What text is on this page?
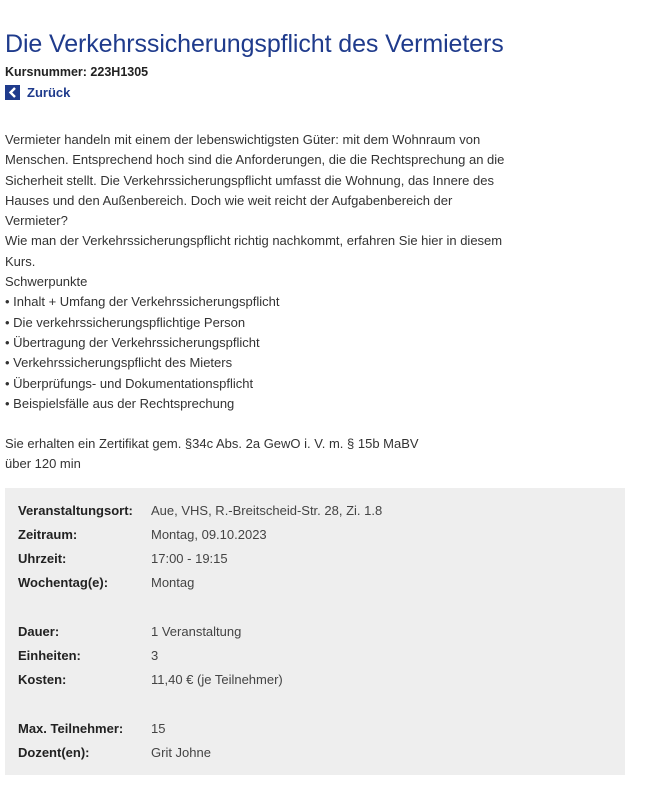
Die Verkehrssicherungspflicht des Vermieters
Kursnummer: 223H1305
Zurück

Vermieter handeln mit einem der lebenswichtigsten Güter: mit dem Wohnraum von

Menschen. Entsprechend hoch sind die Anforderungen, die die Rechtsprechung an die

Sicherheit stellt. Die Verkehrssicherungspflicht umfasst die Wohnung, das Innere des

Hauses und den Außenbereich. Doch wie weit reicht der Aufgabenbereich der

Vermieter?

Wie man der Verkehrssicherungspflicht richtig nachkommt, erfahren Sie hier in diesem

Kurs.

Schwerpunkte

• Inhalt + Umfang der Verkehrssicherungspflicht

• Die verkehrssicherungspflichtige Person

• Übertragung der Verkehrssicherungspflicht

• Verkehrssicherungspflicht des Mieters

• Überprüfungs- und Dokumentationspflicht

• Beispielsfälle aus der Rechtsprechung

Sie erhalten ein Zertifikat gem. §34c Abs. 2a GewO i. V. m. § 15b MaBV

über 120 min

Veranstaltungsort: Aue, VHS, R.-Breitscheid-Str. 28, Zi. 1.8
Zeitraum:	Montag, 09.10.2023
Uhrzeit:	17:00 - 19:15
Wochentag(e):	Montag
Dauer:	1 Veranstaltung
Einheiten:	3
Kosten:	11,40 € (je Teilnehmer)
Max. Teilnehmer: 15
Dozent(en):	Grit Johne
